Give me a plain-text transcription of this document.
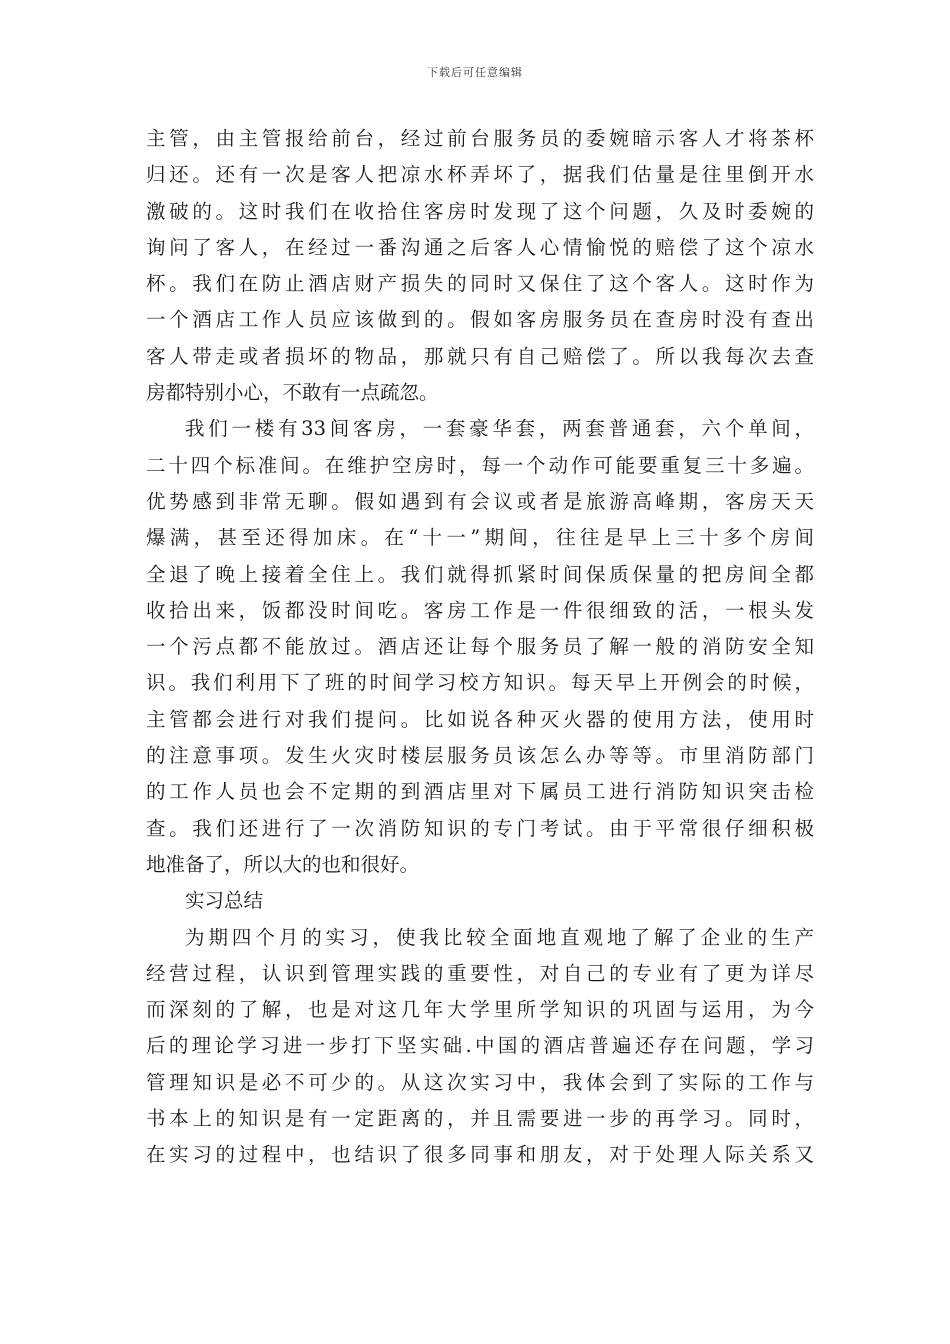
下载后可任意编辑
主管，由主管报给前台，经过前台服务员的委婉暗示客人才将茶杯
归还。还有一次是客人把凉水杯弄坏了，据我们估量是往里倒开水
激破的。这时我们在收拾住客房时发现了这个问题，久及时委婉的
询问了客人，在经过一番沟通之后客人心情愉悦的赔偿了这个凉水
杯。我们在防止酒店财产损失的同时又保住了这个客人。这时作为
一个酒店工作人员应该做到的。假如客房服务员在查房时没有查出
客人带走或者损坏的物品，那就只有自己赔偿了。所以我每次去查
房都特别小心，不敢有一点疏忽。
我们一楼有33间客房，一套豪华套，两套普通套，六个单间，
二十四个标准间。在维护空房时，每一个动作可能要重复三十多遍。
优势感到非常无聊。假如遇到有会议或者是旅游高峰期，客房天天
爆满，甚至还得加床。在“十一”期间，往往是早上三十多个房间
全退了晚上接着全住上。我们就得抓紧时间保质保量的把房间全都
收拾出来，饭都没时间吃。客房工作是一件很细致的活，一根头发
一个污点都不能放过。酒店还让每个服务员了解一般的消防安全知
识。我们利用下了班的时间学习校方知识。每天早上开例会的时候，
主管都会进行对我们提问。比如说各种灭火器的使用方法，使用时
的注意事项。发生火灾时楼层服务员该怎么办等等。市里消防部门
的工作人员也会不定期的到酒店里对下属员工进行消防知识突击检
查。我们还进行了一次消防知识的专门考试。由于平常很仔细积极
地准备了，所以大的也和很好。
实习总结
为期四个月的实习，使我比较全面地直观地了解了企业的生产
经营过程，认识到管理实践的重要性，对自己的专业有了更为详尽
而深刻的了解，也是对这几年大学里所学知识的巩固与运用，为今
后的理论学习进一步打下坚实础.中国的酒店普遍还存在问题，学习
管理知识是必不可少的。从这次实习中，我体会到了实际的工作与
书本上的知识是有一定距离的，并且需要进一步的再学习。同时，
在实习的过程中，也结识了很多同事和朋友，对于处理人际关系又
